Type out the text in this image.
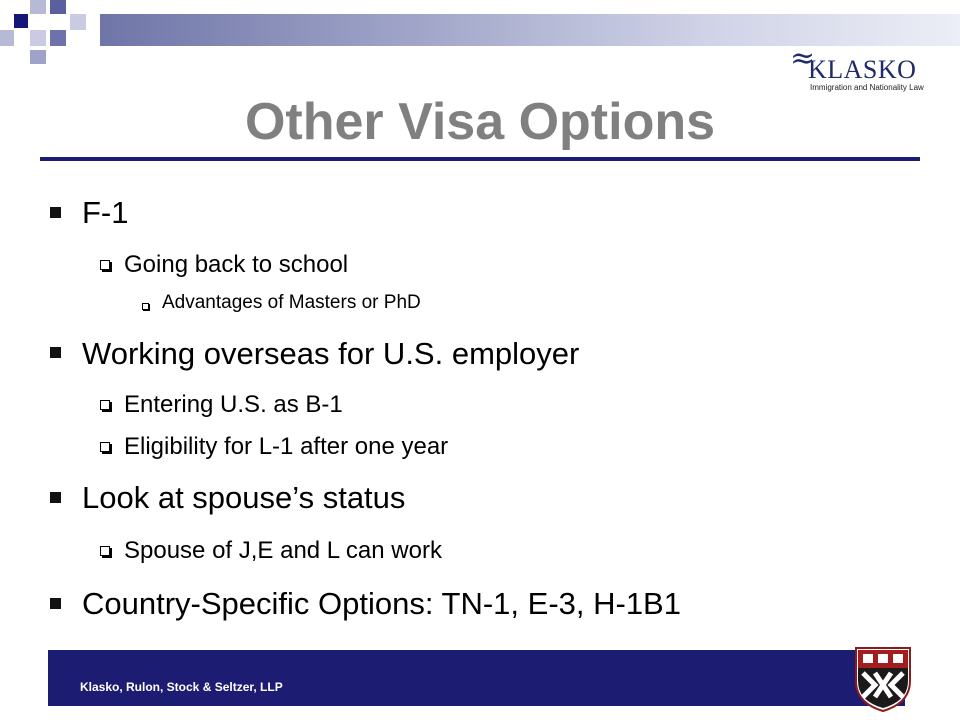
≈
KLASKO
Immigration and Nationality Law
Other Visa Options
F-1
Going back to school
Advantages of Masters or PhD
Working overseas for U.S. employer
Entering U.S. as B-1
Eligibility for L-1 after one year
Look at spouse’s status
Spouse of J,E and L can work
Country-Specific Options: TN-1, E-3, H-1B1
Klasko, Rulon, Stock & Seltzer, LLP
